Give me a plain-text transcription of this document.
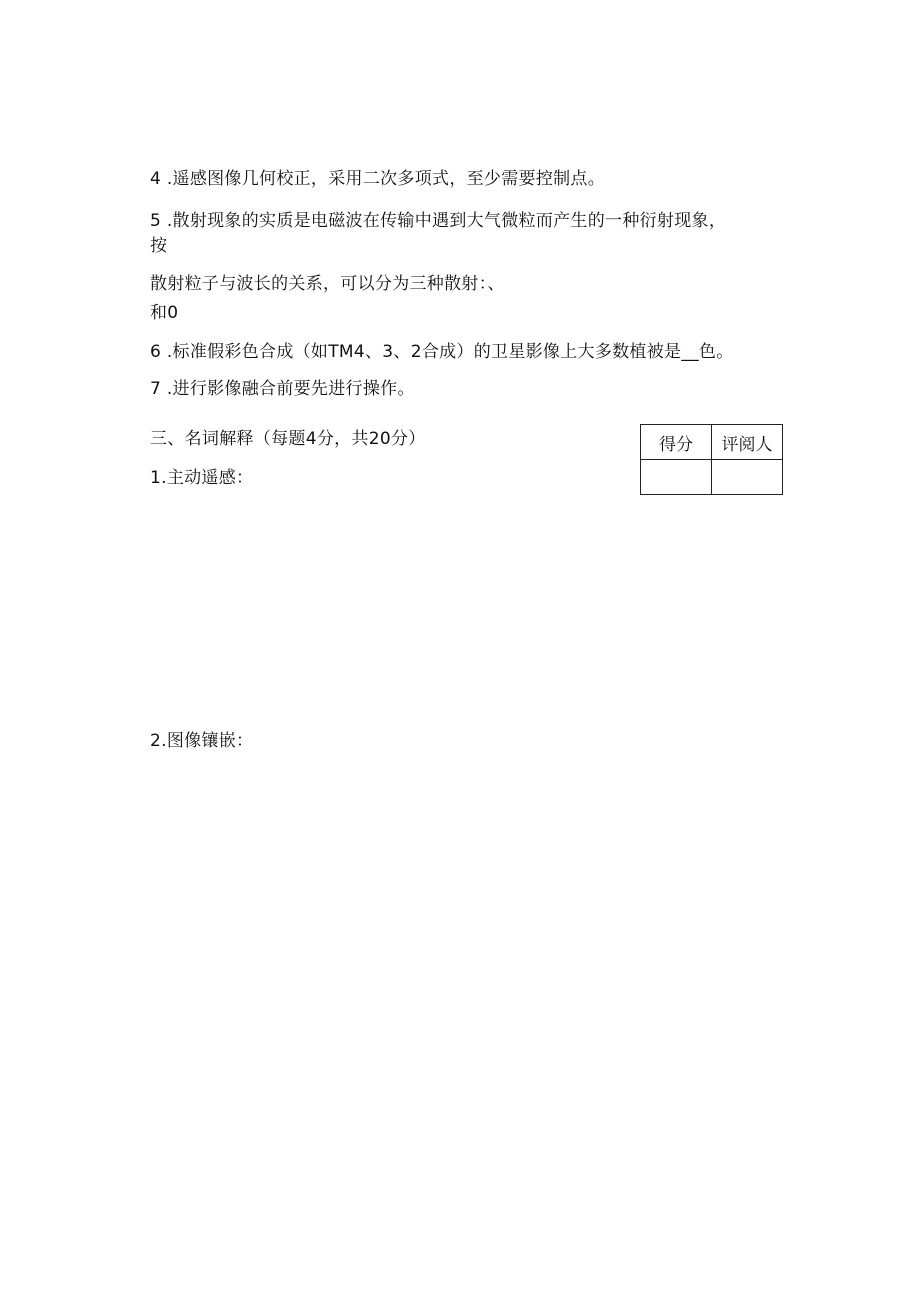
4 .遥感图像几何校正，采用二次多项式，至少需要控制点。
5 .散射现象的实质是电磁波在传输中遇到大气微粒而产生的一种衍射现象，
按
散射粒子与波长的关系，可以分为三种散射：、
和0
6 .标准假彩色合成（如TM4、3、2合成）的卫星影像上大多数植被是__色。
7 .进行影像融合前要先进行操作。
三、名词解释（每题4分，共20分）
1.主动遥感：
得分	评阅人

2.图像镶嵌：
